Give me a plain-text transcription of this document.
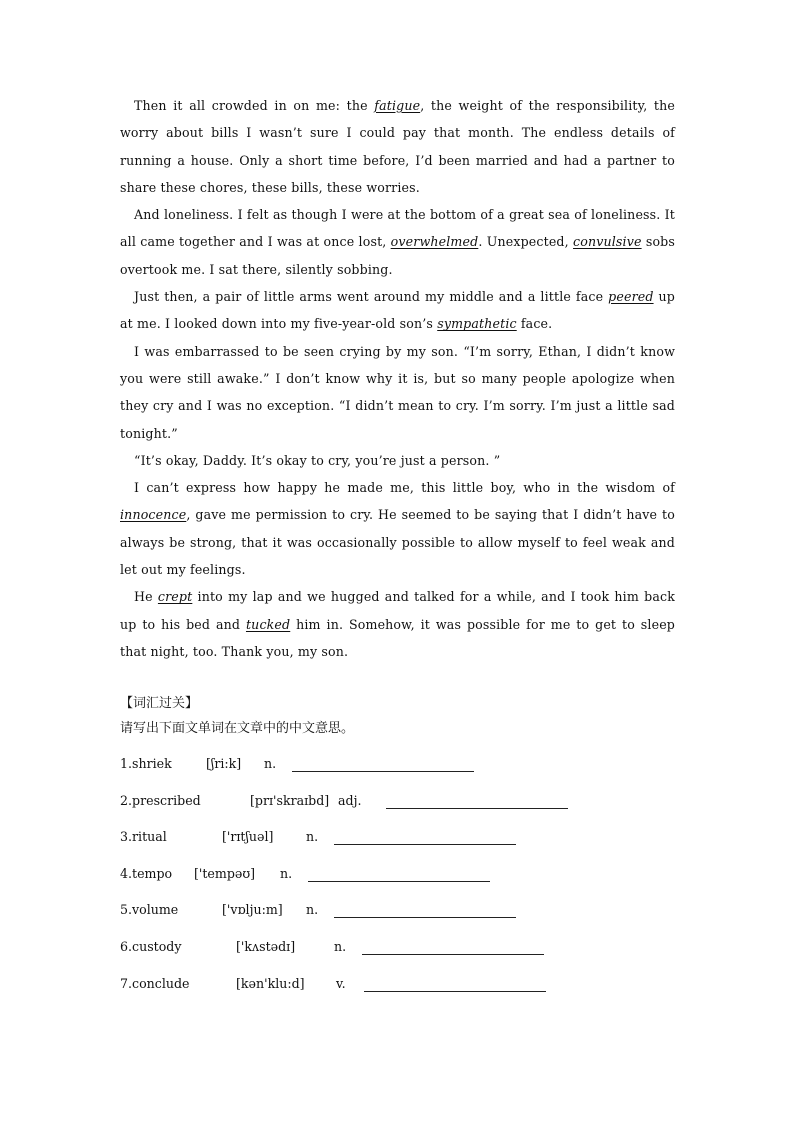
Then it all crowded in on me: the fatigue, the weight of the responsibility, the worry about bills I wasn’t sure I could pay that month. The endless details of running a house. Only a short time before, I’d been married and had a partner to share these chores, these bills, these worries.

And loneliness. I felt as though I were at the bottom of a great sea of loneliness. It all came together and I was at once lost, overwhelmed. Unexpected, convulsive sobs overtook me. I sat there, silently sobbing.

Just then, a pair of little arms went around my middle and a little face peered up at me. I looked down into my five-year-old son’s sympathetic face.

I was embarrassed to be seen crying by my son. “I’m sorry, Ethan, I didn’t know you were still awake.” I don’t know why it is, but so many people apologize when they cry and I was no exception. “I didn’t mean to cry. I’m sorry. I’m just a little sad tonight.”

“It’s okay, Daddy. It’s okay to cry, you’re just a person. ”

I can’t express how happy he made me, this little boy, who in the wisdom of innocence, gave me permission to cry. He seemed to be saying that I didn’t have to always be strong, that it was occasionally possible to allow myself to feel weak and let out my feelings.

He crept into my lap and we hugged and talked for a while, and I took him back up to his bed and tucked him in. Somehow, it was possible for me to get to sleep that night, too. Thank you, my son.

【词汇过关】
请写出下面文单词在文章中的中文意思。
1.shriek	[ʃri:k] n.
2.prescribed	[prɪ'skraɪbd] adj.
3.ritual	['rɪtʃuəl]	n.
4.tempo ['tempəʊ] n.
5.volume	['vɒlju:m] n.
6.custody	['kʌstədɪ]	n.
7.conclude	[kən'klu:d] v.
